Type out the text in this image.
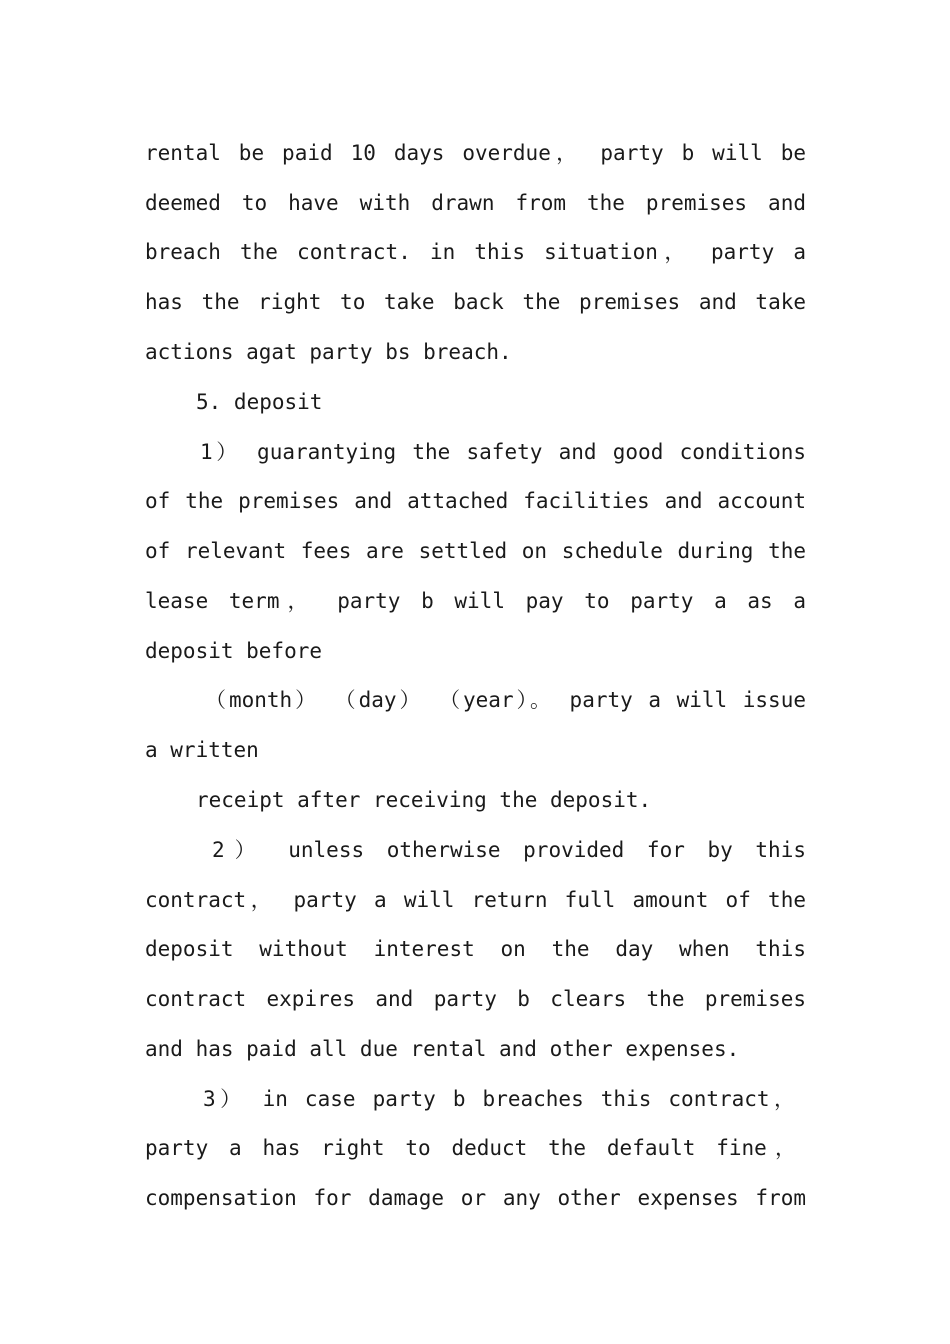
rental be paid 10 days overdue， party b will be
deemed to have with drawn from the premises and
breach the contract. in this situation， party a
has the right to take back the premises and take
actions agat party bs breach.
5. deposit
1） guarantying the safety and good conditions
of the premises and attached facilities and account
of relevant fees are settled on schedule during the
lease term， party b will pay to party a as a
deposit before
（month） （day） （year）。 party a will issue
a written
receipt after receiving the deposit.
2） unless otherwise provided for by this
contract， party a will return full amount of the
deposit without interest on the day when this
contract expires and party b clears the premises
and has paid all due rental and other expenses.
3） in case party b breaches this contract，
party a has right to deduct the default fine，
compensation for damage or any other expenses from
